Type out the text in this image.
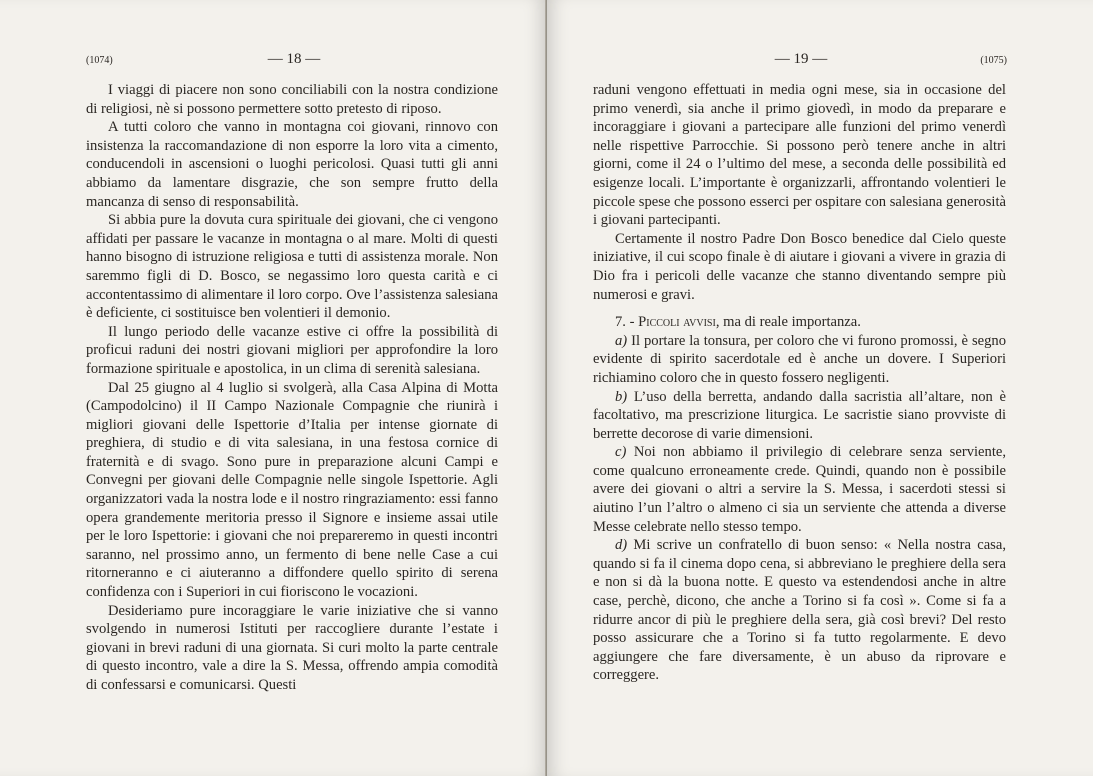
(1074)	— 18 —

I viaggi di piacere non sono conciliabili con la nostra condizione di religiosi, nè si possono permettere sotto pretesto di riposo.

A tutti coloro che vanno in montagna coi giovani, rinnovo con insistenza la raccomandazione di non esporre la loro vita a cimento, conducendoli in ascensioni o luoghi pericolosi. Quasi tutti gli anni abbiamo da lamentare disgrazie, che son sempre frutto della mancanza di senso di responsabilità.

Si abbia pure la dovuta cura spirituale dei giovani, che ci vengono affidati per passare le vacanze in montagna o al mare. Molti di questi hanno bisogno di istruzione religiosa e tutti di assistenza morale. Non saremmo figli di D. Bosco, se negassimo loro questa carità e ci accontentassimo di alimentare il loro corpo. Ove l’assistenza salesiana è deficiente, ci sostituisce ben volentieri il demonio.

Il lungo periodo delle vacanze estive ci offre la possibilità di proficui raduni dei nostri giovani migliori per approfondire la loro formazione spirituale e apostolica, in un clima di serenità salesiana.

Dal 25 giugno al 4 luglio si svolgerà, alla Casa Alpina di Motta (Campodolcino) il II Campo Nazionale Compagnie che riunirà i migliori giovani delle Ispettorie d’Italia per intense giornate di preghiera, di studio e di vita salesiana, in una festosa cornice di fraternità e di svago. Sono pure in preparazione alcuni Campi e Convegni per giovani delle Compagnie nelle singole Ispettorie. Agli organizzatori vada la nostra lode e il nostro ringraziamento: essi fanno opera grandemente meritoria presso il Signore e insieme assai utile per le loro Ispettorie: i giovani che noi prepareremo in questi incontri saranno, nel prossimo anno, un fermento di bene nelle Case a cui ritorneranno e ci aiuteranno a diffondere quello spirito di serena confidenza con i Superiori in cui fioriscono le vocazioni.

Desideriamo pure incoraggiare le varie iniziative che si vanno svolgendo in numerosi Istituti per raccogliere durante l’estate i giovani in brevi raduni di una giornata. Si curi molto la parte centrale di questo incontro, vale a dire la S. Messa, offrendo ampia comodità di confessarsi e comunicarsi. Questi

— 19 —	(1075)

raduni vengono effettuati in media ogni mese, sia in occasione del primo venerdì, sia anche il primo giovedì, in modo da preparare e incoraggiare i giovani a partecipare alle funzioni del primo venerdì nelle rispettive Parrocchie. Si possono però tenere anche in altri giorni, come il 24 o l’ultimo del mese, a seconda delle possibilità ed esigenze locali. L’importante è organizzarli, affrontando volentieri le piccole spese che possono esserci per ospitare con salesiana generosità i giovani partecipanti.

Certamente il nostro Padre Don Bosco benedice dal Cielo queste iniziative, il cui scopo finale è di aiutare i giovani a vivere in grazia di Dio fra i pericoli delle vacanze che stanno diventando sempre più numerosi e gravi.

7. - Piccoli avvisi, ma di reale importanza.

a) Il portare la tonsura, per coloro che vi furono promossi, è segno evidente di spirito sacerdotale ed è anche un dovere. I Superiori richiamino coloro che in questo fossero negligenti.

b) L’uso della berretta, andando dalla sacristia all’altare, non è facoltativo, ma prescrizione liturgica. Le sacristie siano provviste di berrette decorose di varie dimensioni.

c) Noi non abbiamo il privilegio di celebrare senza serviente, come qualcuno erroneamente crede. Quindi, quando non è possibile avere dei giovani o altri a servire la S. Messa, i sacerdoti stessi si aiutino l’un l’altro o almeno ci sia un serviente che attenda a diverse Messe celebrate nello stesso tempo.

d) Mi scrive un confratello di buon senso: « Nella nostra casa, quando si fa il cinema dopo cena, si abbreviano le preghiere della sera e non si dà la buona notte. E questo va estendendosi anche in altre case, perchè, dicono, che anche a Torino si fa così ». Come si fa a ridurre ancor di più le preghiere della sera, già così brevi? Del resto posso assicurare che a Torino si fa tutto regolarmente. E devo aggiungere che fare diversamente, è un abuso da riprovare e correggere.
